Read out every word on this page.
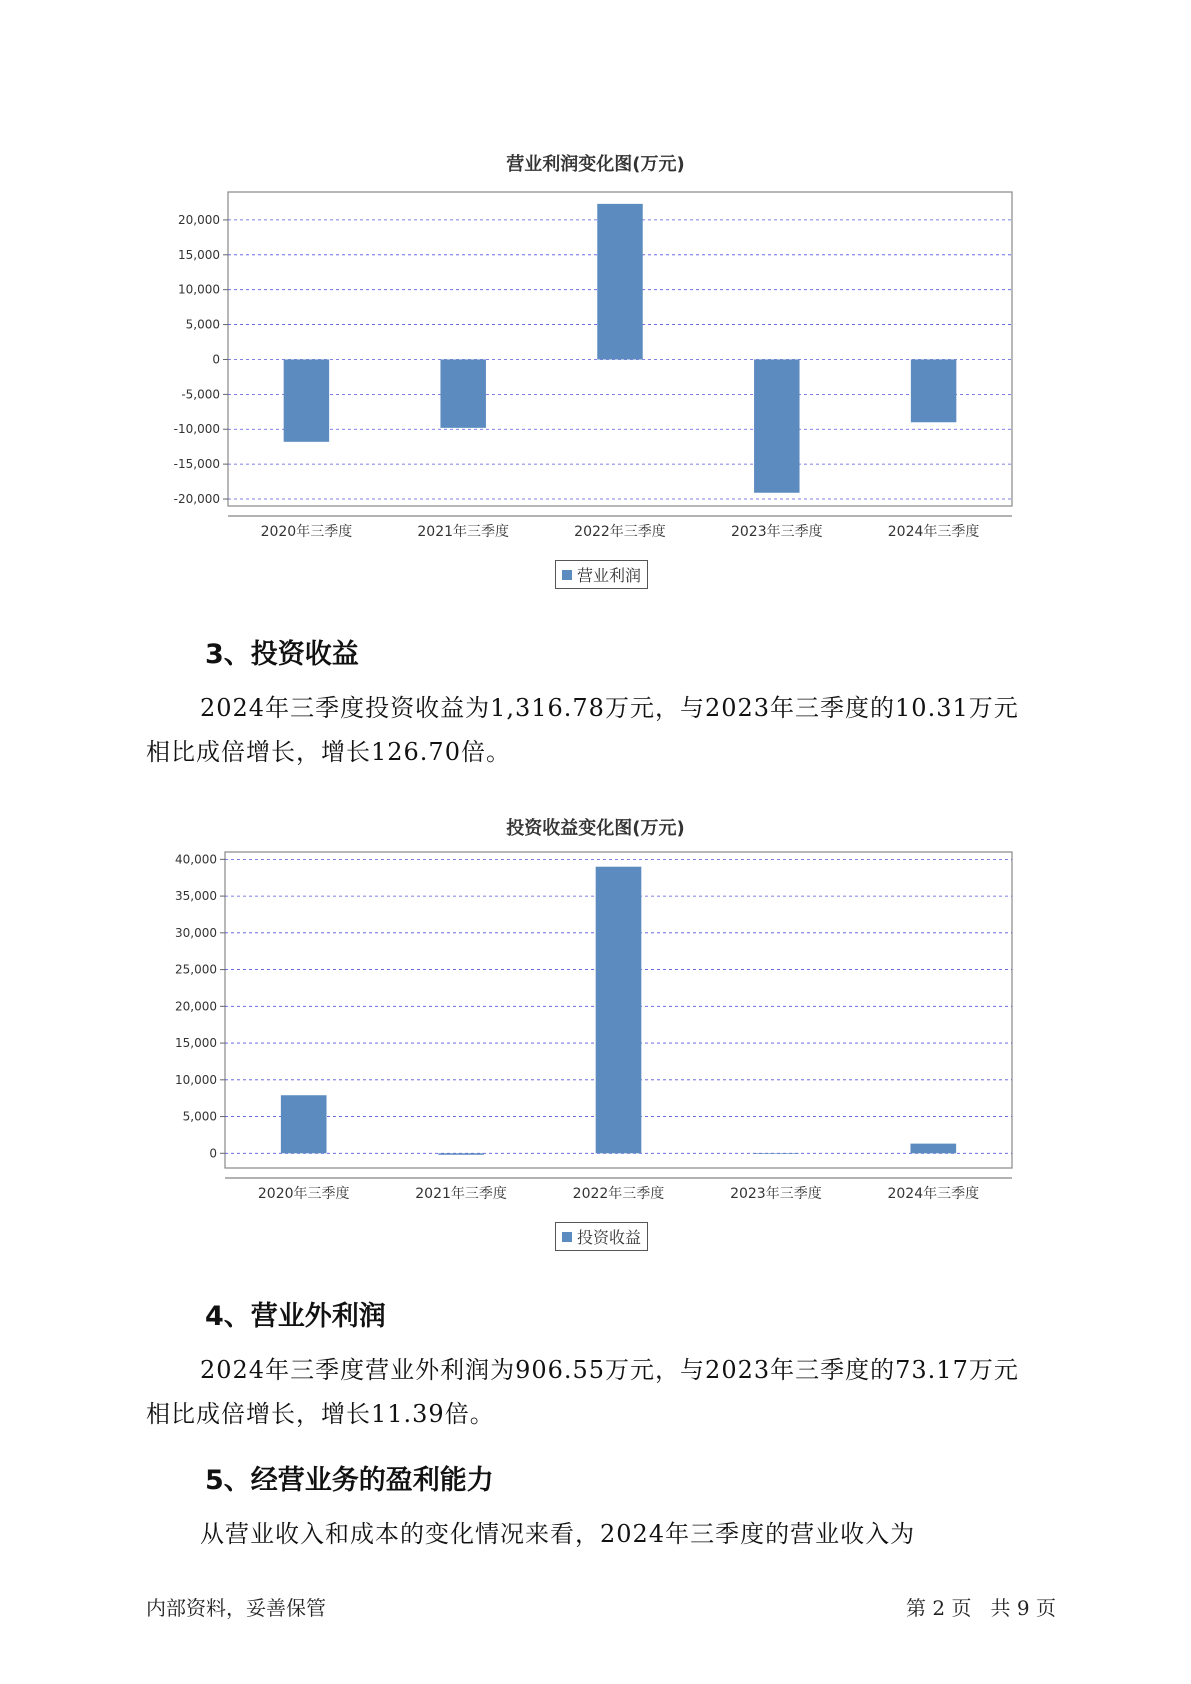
营业利润变化图(万元)
20,000
15,000
10,000
5,000
0
-5,000
-10,000
-15,000
-20,000
2020年三季度	2021年三季度	2022年三季度	2023年三季度	2024年三季度
营业利润
3、投资收益

2024年三季度投资收益为1,316.78万元，与2023年三季度的10.31万元

相比成倍增长，增长126.70倍。

投资收益变化图(万元)
40,000
35,000
30,000
25,000
20,000
15,000
10,000
5,000
0
2020年三季度	2021年三季度	2022年三季度	2023年三季度	2024年三季度
投资收益
4、营业外利润

2024年三季度营业外利润为906.55万元，与2023年三季度的73.17万元

相比成倍增长，增长11.39倍。

5、经营业务的盈利能力

从营业收入和成本的变化情况来看，2024年三季度的营业收入为

内部资料，妥善保管	第 2 页   共 9 页
